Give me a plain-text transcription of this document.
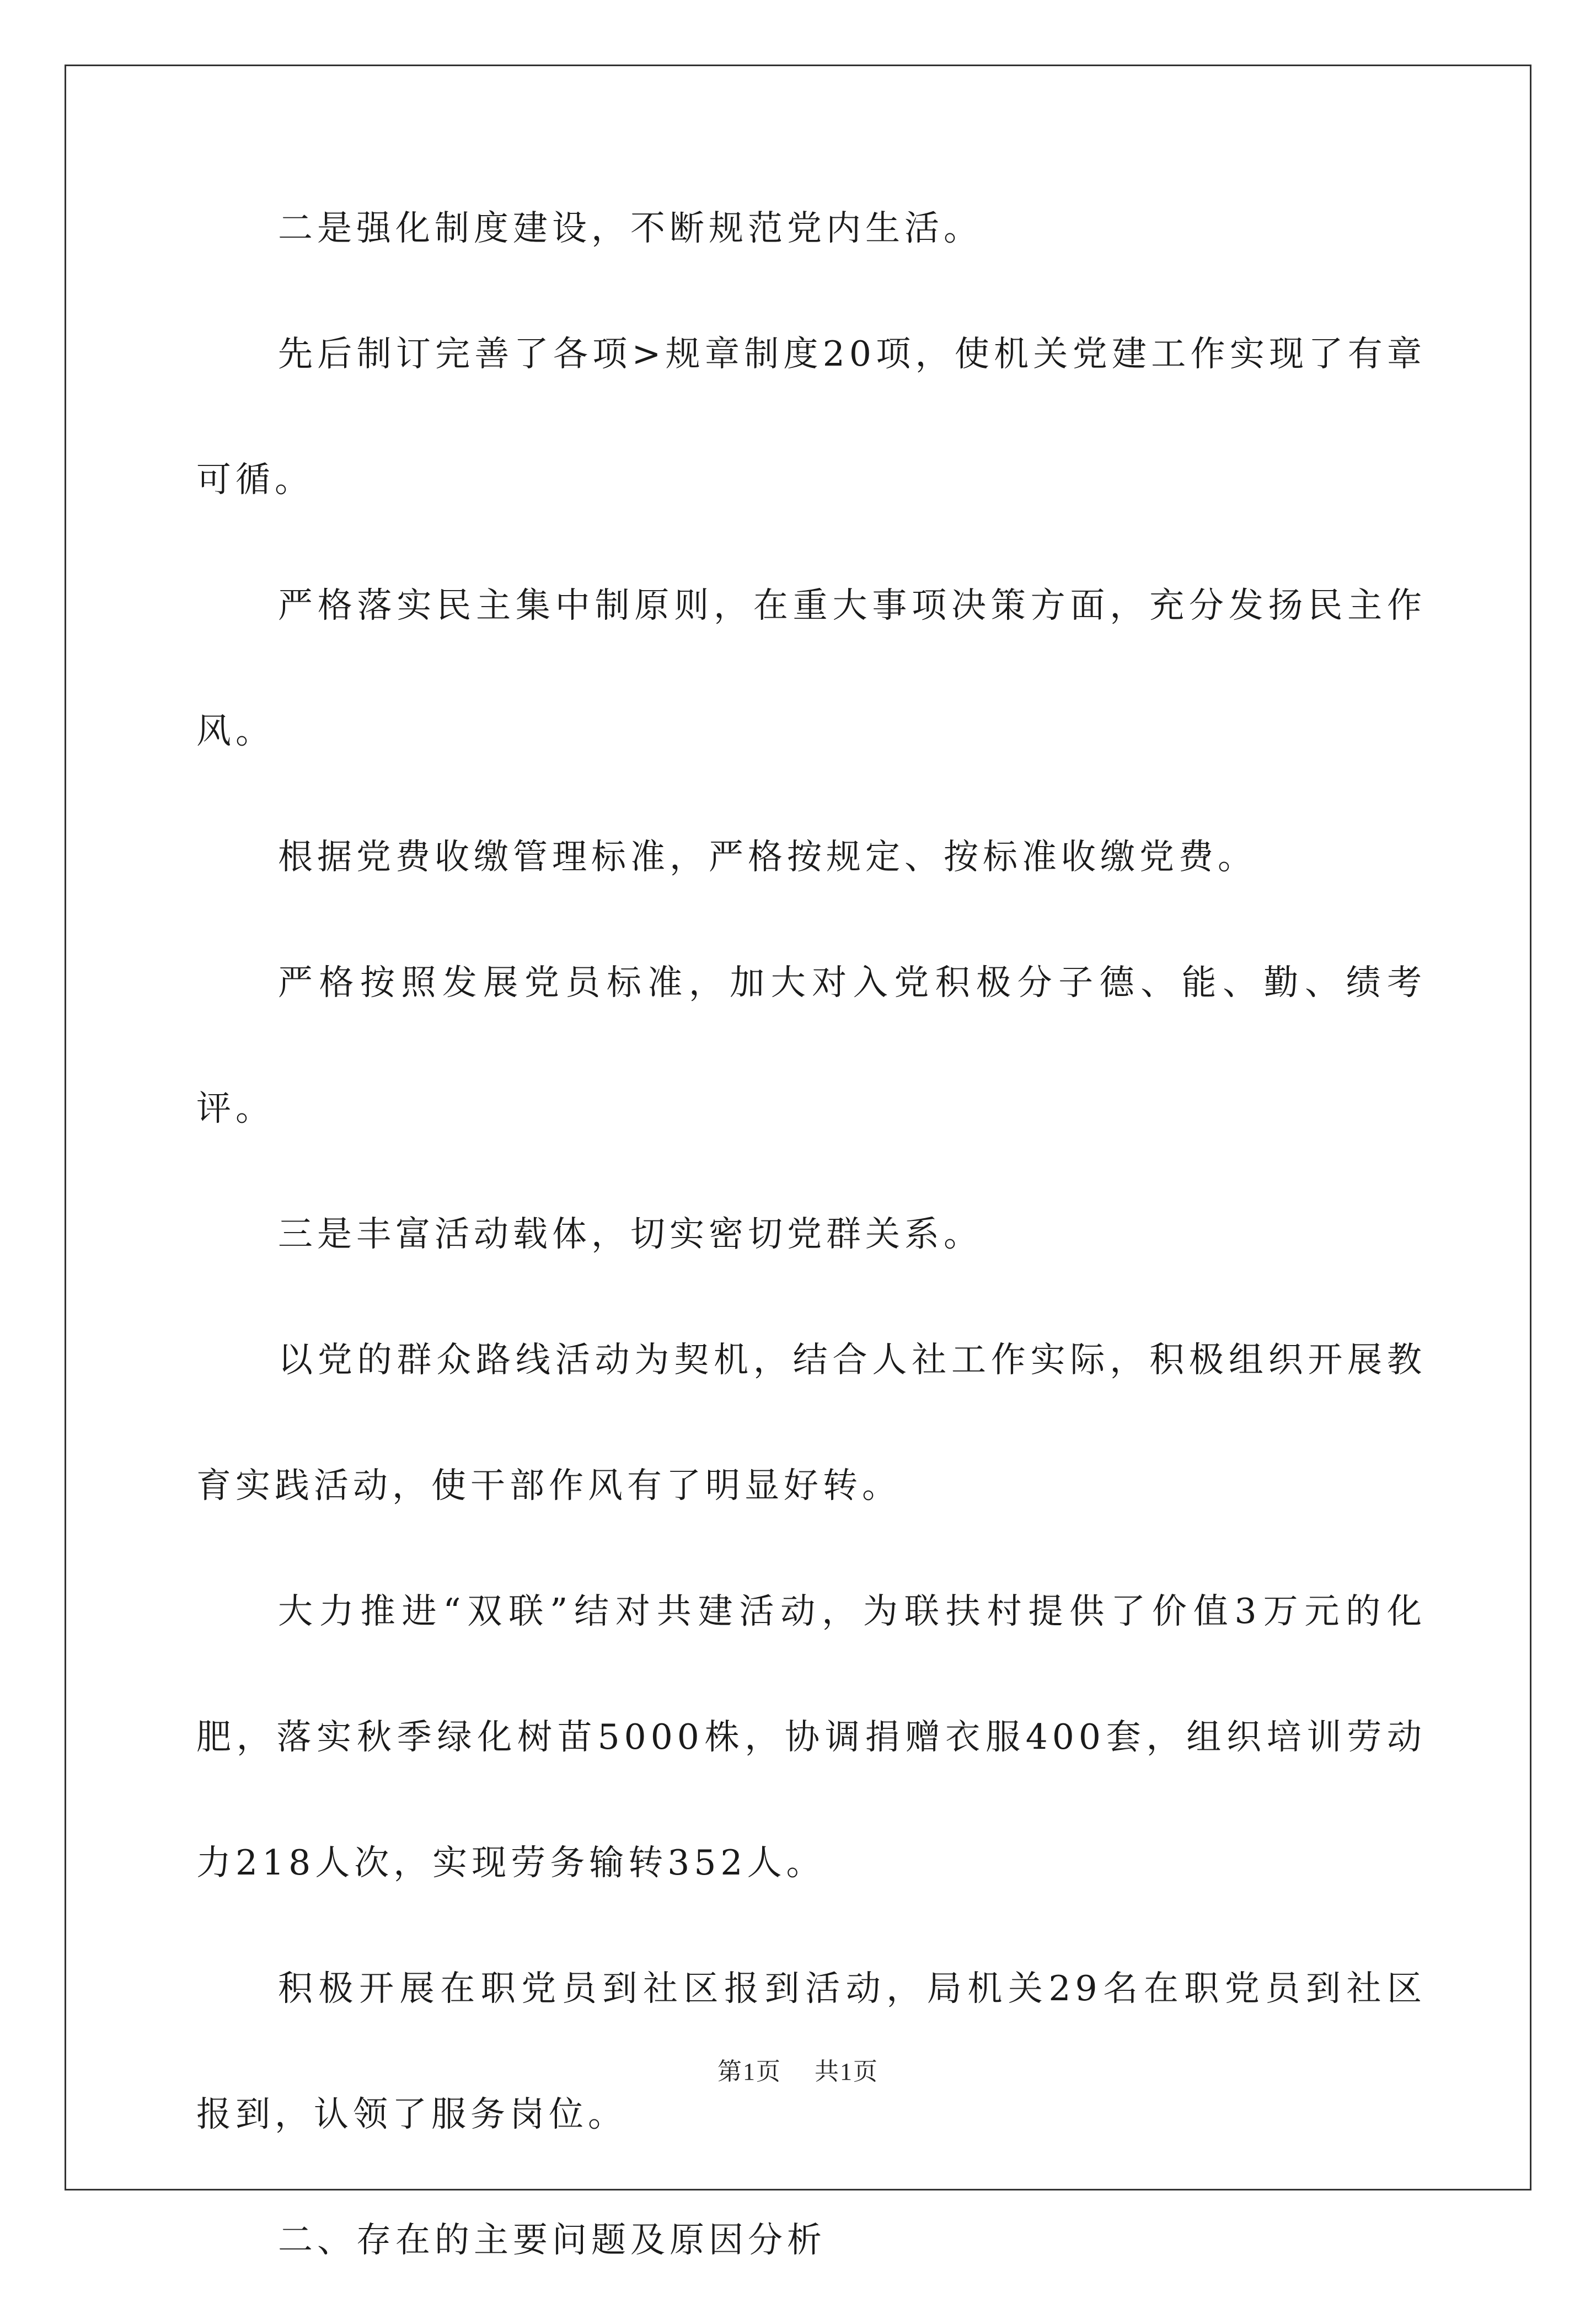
二是强化制度建设，不断规范党内生活。

先后制订完善了各项>规章制度20项，使机关党建工作实现了有章可循。

严格落实民主集中制原则，在重大事项决策方面，充分发扬民主作风。

根据党费收缴管理标准，严格按规定、按标准收缴党费。

严格按照发展党员标准，加大对入党积极分子德、能、勤、绩考评。

三是丰富活动载体，切实密切党群关系。

以党的群众路线活动为契机，结合人社工作实际，积极组织开展教育实践活动，使干部作风有了明显好转。

大力推进“双联”结对共建活动，为联扶村提供了价值3万元的化肥，落实秋季绿化树苗5000株，协调捐赠衣服400套，组织培训劳动力218人次，实现劳务输转352人。

积极开展在职党员到社区报到活动，局机关29名在职党员到社区报到，认领了服务岗位。

二、存在的主要问题及原因分析

第1页 共1页
